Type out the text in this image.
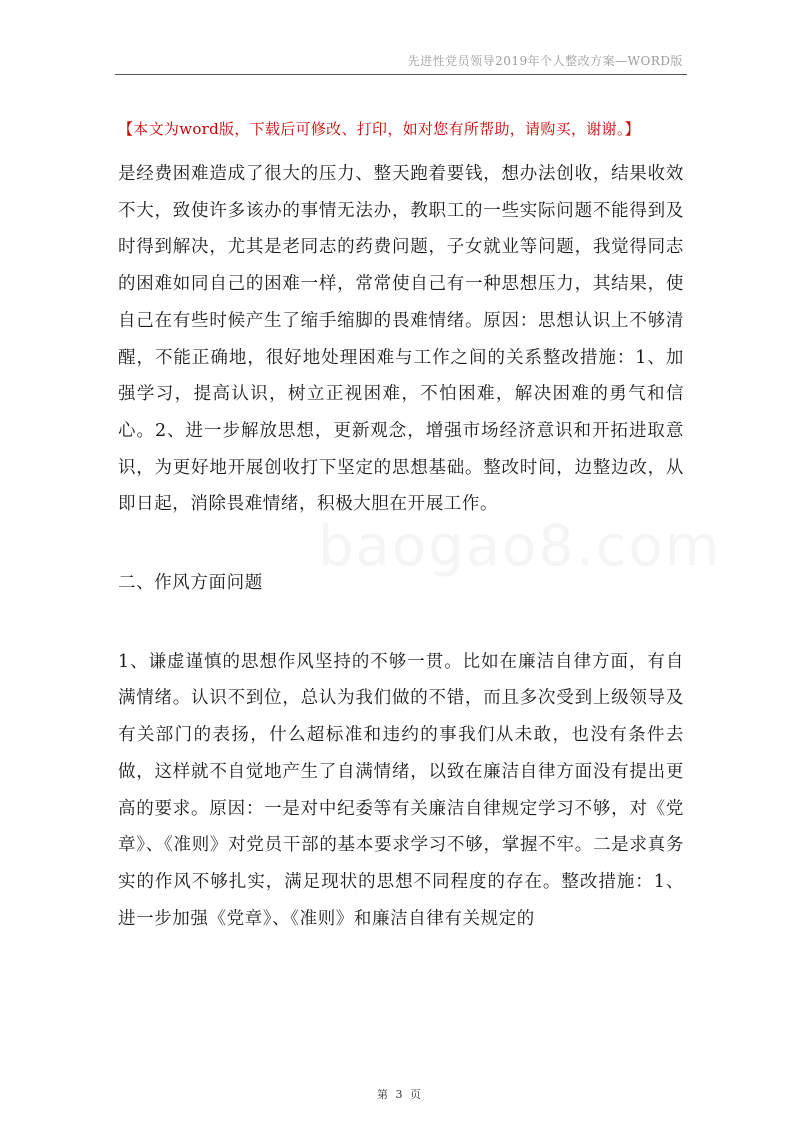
先进性党员领导2019年个人整改方案—WORD版
【本文为word版，下载后可修改、打印，如对您有所帮助，请购买，谢谢。】
baogao8.com

是经费困难造成了很大的压力、整天跑着要钱，想办法创收，结果收效不大，致使许多该办的事情无法办，教职工的一些实际问题不能得到及时得到解决，尤其是老同志的药费问题，子女就业等问题，我觉得同志的困难如同自己的困难一样，常常使自己有一种思想压力，其结果，使自己在有些时候产生了缩手缩脚的畏难情绪。原因：思想认识上不够清醒，不能正确地，很好地处理困难与工作之间的关系整改措施：1、加强学习，提高认识，树立正视困难，不怕困难，解决困难的勇气和信心。2、进一步解放思想，更新观念，增强市场经济意识和开拓进取意识，为更好地开展创收打下坚定的思想基础。整改时间，边整边改，从即日起，消除畏难情绪，积极大胆在开展工作。

二、作风方面问题

1、谦虚谨慎的思想作风坚持的不够一贯。比如在廉洁自律方面，有自满情绪。认识不到位，总认为我们做的不错，而且多次受到上级领导及有关部门的表扬，什么超标准和违约的事我们从未敢，也没有条件去做，这样就不自觉地产生了自满情绪，以致在廉洁自律方面没有提出更高的要求。原因：一是对中纪委等有关廉洁自律规定学习不够，对《党章》、《准则》对党员干部的基本要求学习不够，掌握不牢。二是求真务实的作风不够扎实，满足现状的思想不同程度的存在。整改措施：1、进一步加强《党章》、《准则》和廉洁自律有关规定的

第 3 页
